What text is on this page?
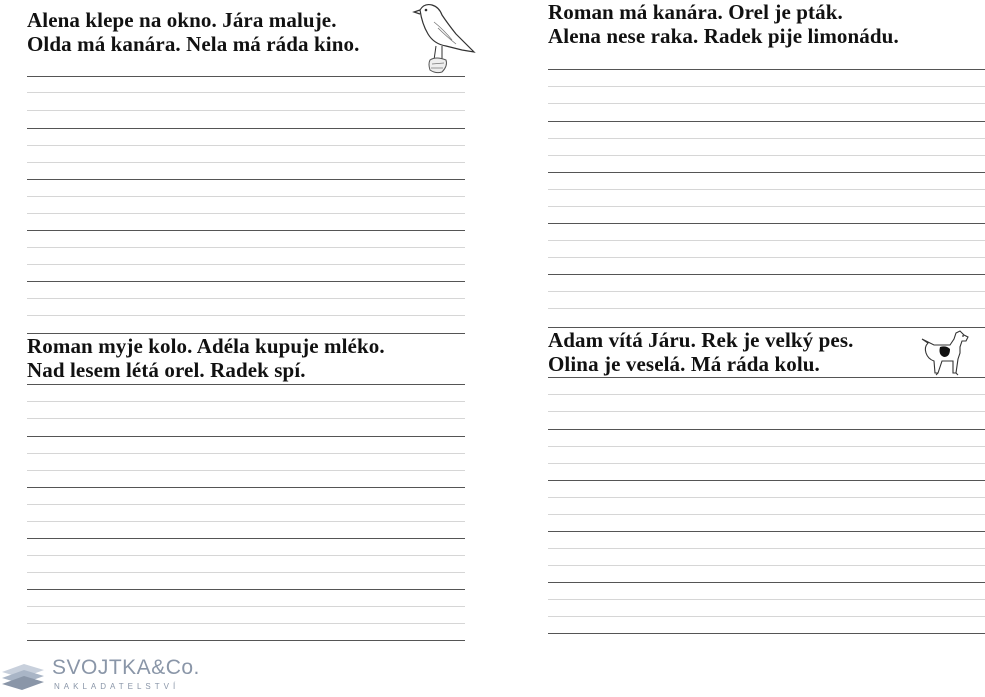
Alena klepe na okno. Jára maluje.
Olda má kanára. Nela má ráda kino.
Roman má kanára. Orel je pták.
Alena nese raka. Radek pije limonádu.
Roman myje kolo. Adéla kupuje mléko.
Nad lesem létá orel. Radek spí.
Adam vítá Járu. Rek je velký pes.
Olina je veselá. Má ráda kolu.
SVOJTKA&Co.
NAKLADATELSTVÍ
